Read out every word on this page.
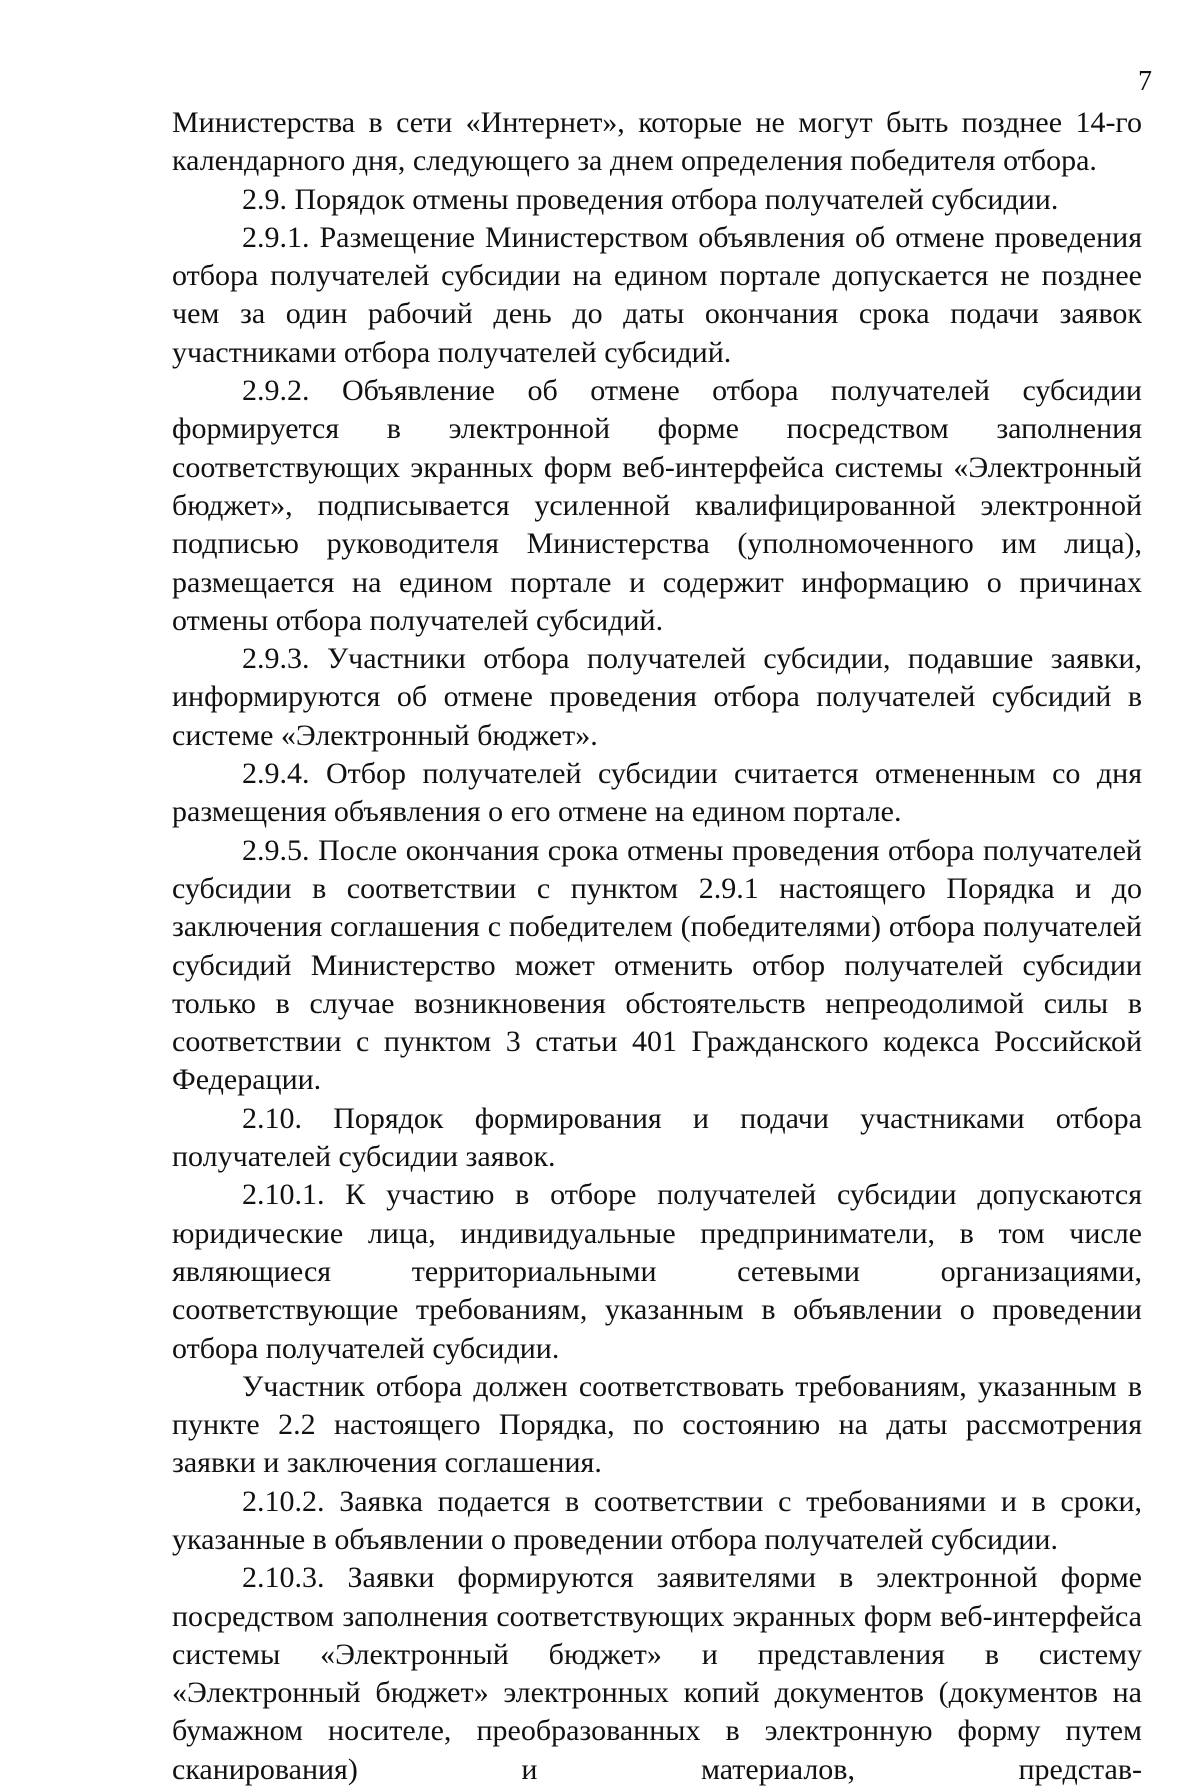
7

Министерства в сети «Интернет», которые не могут быть позднее 14-го календарного дня, следующего за днем определения победителя отбора.

2.9. Порядок отмены проведения отбора получателей субсидии.

2.9.1. Размещение Министерством объявления об отмене проведения отбора получателей субсидии на едином портале допускается не позднее чем за один рабочий день до даты окончания срока подачи заявок участниками отбора получателей субсидий.

2.9.2. Объявление об отмене отбора получателей субсидии формируется в электронной форме посредством заполнения соответствующих экранных форм веб-интерфейса системы «Электронный бюджет», подписывается усиленной квалифицированной электронной подписью руководителя Министерства (уполномоченного им лица), размещается на едином портале и содержит информацию о причинах отмены отбора получателей субсидий.

2.9.3. Участники отбора получателей субсидии, подавшие заявки, информируются об отмене проведения отбора получателей субсидий в системе «Электронный бюджет».

2.9.4. Отбор получателей субсидии считается отмененным со дня размещения объявления о его отмене на едином портале.

2.9.5. После окончания срока отмены проведения отбора получателей субсидии в соответствии с пунктом 2.9.1 настоящего Порядка и до заключения соглашения с победителем (победителями) отбора получателей субсидий Министерство может отменить отбор получателей субсидии только в случае возникновения обстоятельств непреодолимой силы в соответствии с пунктом 3 статьи 401 Гражданского кодекса Российской Федерации.

2.10. Порядок формирования и подачи участниками отбора получателей субсидии заявок.

2.10.1. К участию в отборе получателей субсидии допускаются юридические лица, индивидуальные предприниматели, в том числе являющиеся территориальными сетевыми организациями, соответствующие требованиям, указанным в объявлении о проведении отбора получателей субсидии.

Участник отбора должен соответствовать требованиям, указанным в пункте 2.2 настоящего Порядка, по состоянию на даты рассмотрения заявки и заключения соглашения.

2.10.2. Заявка подается в соответствии с требованиями и в сроки, указанные в объявлении о проведении отбора получателей субсидии.

2.10.3. Заявки формируются заявителями в электронной форме посредством заполнения соответствующих экранных форм веб-интерфейса системы «Электронный бюджет» и представления в систему «Электронный бюджет» электронных копий документов (документов на бумажном носителе, преобразованных в электронную форму путем сканирования) и материалов, представ-
